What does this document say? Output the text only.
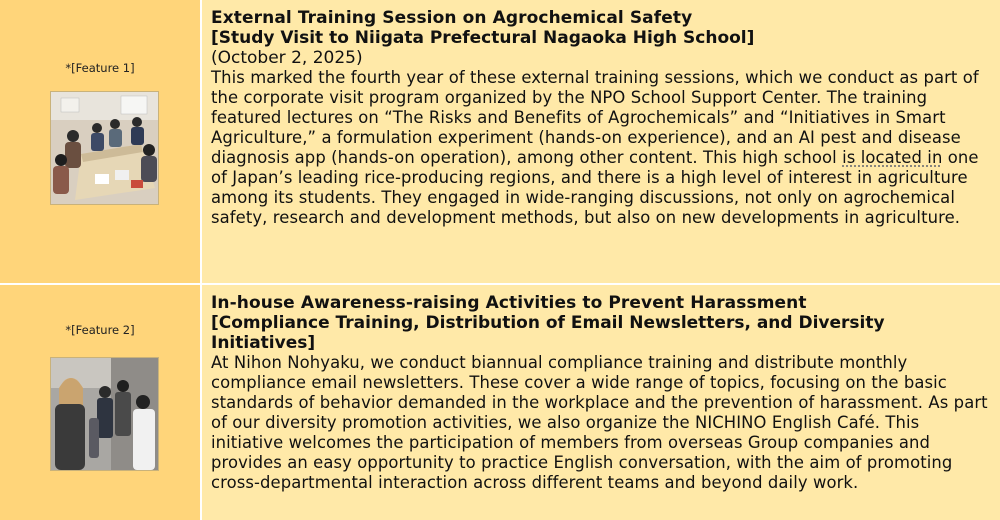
*[Feature 1]

External Training Session on Agrochemical Safety

[Study Visit to Niigata Prefectural Nagaoka High School]

(October 2, 2025)

This marked the fourth year of these external training sessions, which we conduct as part of the corporate visit program organized by the NPO School Support Center. The training featured lectures on “The Risks and Benefits of Agrochemicals” and “Initiatives in Smart Agriculture,” a formulation experiment (hands-on experience), and an AI pest and disease diagnosis app (hands-on operation), among other content. This high school is located in one of Japan’s leading rice-producing regions, and there is a high level of interest in agriculture among its students. They engaged in wide-ranging discussions, not only on agrochemical safety, research and development methods, but also on new developments in agriculture.

*[Feature 2]

In-house Awareness-raising Activities to Prevent Harassment

[Compliance Training, Distribution of Email Newsletters, and Diversity Initiatives]

At Nihon Nohyaku, we conduct biannual compliance training and distribute monthly compliance email newsletters. These cover a wide range of topics, focusing on the basic standards of behavior demanded in the workplace and the prevention of harassment. As part of our diversity promotion activities, we also organize the NICHINO English Café. This initiative welcomes the participation of members from overseas Group companies and provides an easy opportunity to practice English conversation, with the aim of promoting cross-departmental interaction across different teams and beyond daily work.
